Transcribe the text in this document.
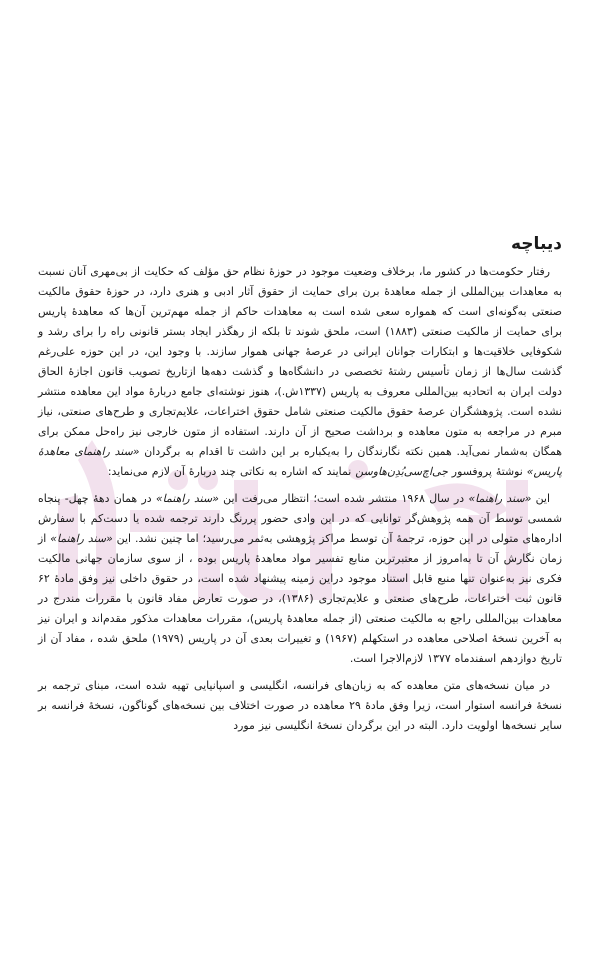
دیباچه

رفتار حکومت‌ها در کشور ما، برخلاف وضعیت موجود در حوزۀ نظام حق مؤلف که حکایت از بی‌مهری آنان نسبت به معاهدات بین‌المللی از جمله معاهدۀ برن برای حمایت از حقوق آثار ادبی و هنری دارد، در حوزۀ حقوق مالکیت صنعتی به‌گونه‌ای است که همواره سعی شده است به معاهدات حاکم از جمله مهم‌ترین آن‌ها که معاهدۀ پاریس برای حمایت از مالکیت صنعتی (۱۸۸۳) است، ملحق شوند تا بلکه از رهگذر ایجاد بستر قانونی راه را برای رشد و شکوفایی خلاقیت‌ها و ابتکارات جوانان ایرانی در عرصۀ جهانی هموار سازند. با وجود این، در این حوزه علی‌رغم گذشت سال‌ها از زمان تأسیس رشتۀ تخصصی در دانشگاه‌ها و گذشت دهه‌ها ازتاریخ تصویب قانون اجازۀ الحاق دولت ایران به اتحادیه بین‌المللی معروف به پاریس (۱۳۳۷ش.)، هنوز نوشته‌ای جامع دربارۀ مواد این معاهده منتشر نشده است. پژوهشگران عرصۀ حقوق مالکیت صنعتی شامل حقوق اختراعات، علایم‌تجاری و طرح‌های صنعتی، نیاز مبرم در مراجعه به متون معاهده و برداشت صحیح از آن دارند. استفاده از متون خارجی نیز راه‌حل ممکن برای همگان به‌شمار نمی‌آید. همین نکته نگارندگان را به‌یکباره بر این داشت تا اقدام به برگردان «سند راهنمای معاهدۀ پاریس» نوشتۀ پروفسور جی‌اچ‌سی‌بُدِن‌هاوسن نمایند که اشاره به نکاتی چند دربارۀ آن لازم می‌نماید:

این «سند راهنما» در سال ۱۹۶۸ منتشر شده است؛ انتظار می‌رفت این «سند راهنما» در همان دهۀ چهل- پنجاه شمسی توسط آن همه پژوهش‌گر توانایی که در این وادی حضور پررنگ دارند ترجمه شده یا دست‌کم با سفارش اداره‌های متولی در این حوزه، ترجمۀ آن توسط مراکز پژوهشی به‌ثمر می‌رسید؛ اما چنین نشد. این «سند راهنما» از زمان نگارش آن تا به‌امروز از معتبرترین منابع تفسیر مواد معاهدۀ پاریس بوده ، از سوی سازمان جهانی مالکیت فکری نیز به‌عنوان تنها منبع قابل استناد موجود دراین زمینه پیشنهاد شده است، در حقوق داخلی نیز وفق مادۀ ۶۲ قانون ثبت اختراعات، طرح‌های صنعتی و علایم‌تجاری (۱۳۸۶)، در صورت تعارض مفاد قانون با مقررات مندرج در معاهدات بین‌المللی راجع به مالکیت صنعتی (از جمله معاهدۀ پاریس)، مقررات معاهدات مذکور مقدم‌اند و ایران نیز به آخرین نسخۀ اصلاحی معاهده در استکهلم (۱۹۶۷) و تغییرات بعدی آن در پاریس (۱۹۷۹) ملحق شده ، مفاد آن از تاریخ دوازدهم اسفندماه ۱۳۷۷ لازم‌الاجرا است.

در میان نسخه‌های متن معاهده که به زبان‌های فرانسه، انگلیسی و اسپانیایی تهیه شده است، مبنای ترجمه بر نسخۀ فرانسه استوار است، زیرا وفق مادۀ ۲۹ معاهده در صورت اختلاف بین نسخه‌های گوناگون، نسخۀ فرانسه بر سایر نسخه‌ها اولویت دارد. البته در این برگردان نسخۀ انگلیسی نیز مورد
